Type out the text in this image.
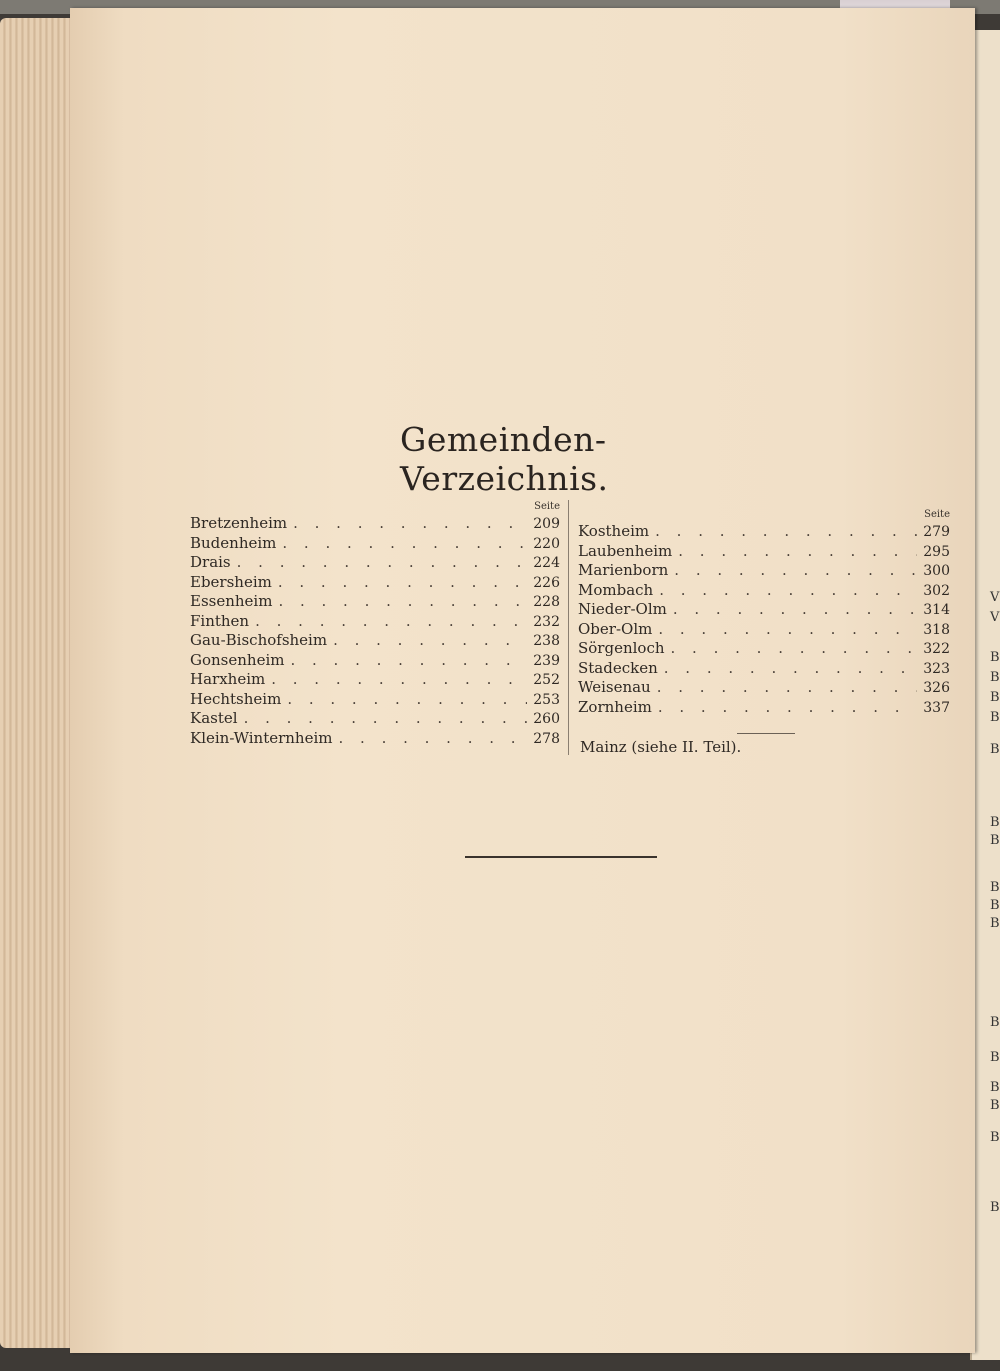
V
V
B
B
B
B
B
B
B
B
B
B
B
B
B
B
B
B
Gemeinden-Verzeichnis.
Seite
Bretzenheim . . .	209
Budenheim . . .	220
Drais . . .	224
Ebersheim . . .	226
Essenheim . . .	228
Finthen . . .	232
Gau-Bischofsheim . . .	238
Gonsenheim . . .	239
Harxheim . . .	252
Hechtsheim . . .	253
Kastel . . .	260
Klein-Winternheim . . .	278
Seite
Kostheim . . .	279
Laubenheim . . .	295
Marienborn . . .	300
Mombach . . .	302
Nieder-Olm . . .	314
Ober-Olm . . .	318
Sörgenloch . . .	322
Stadecken . . .	323
Weisenau . . .	326
Zornheim . . .	337
Mainz (siehe II. Teil).
